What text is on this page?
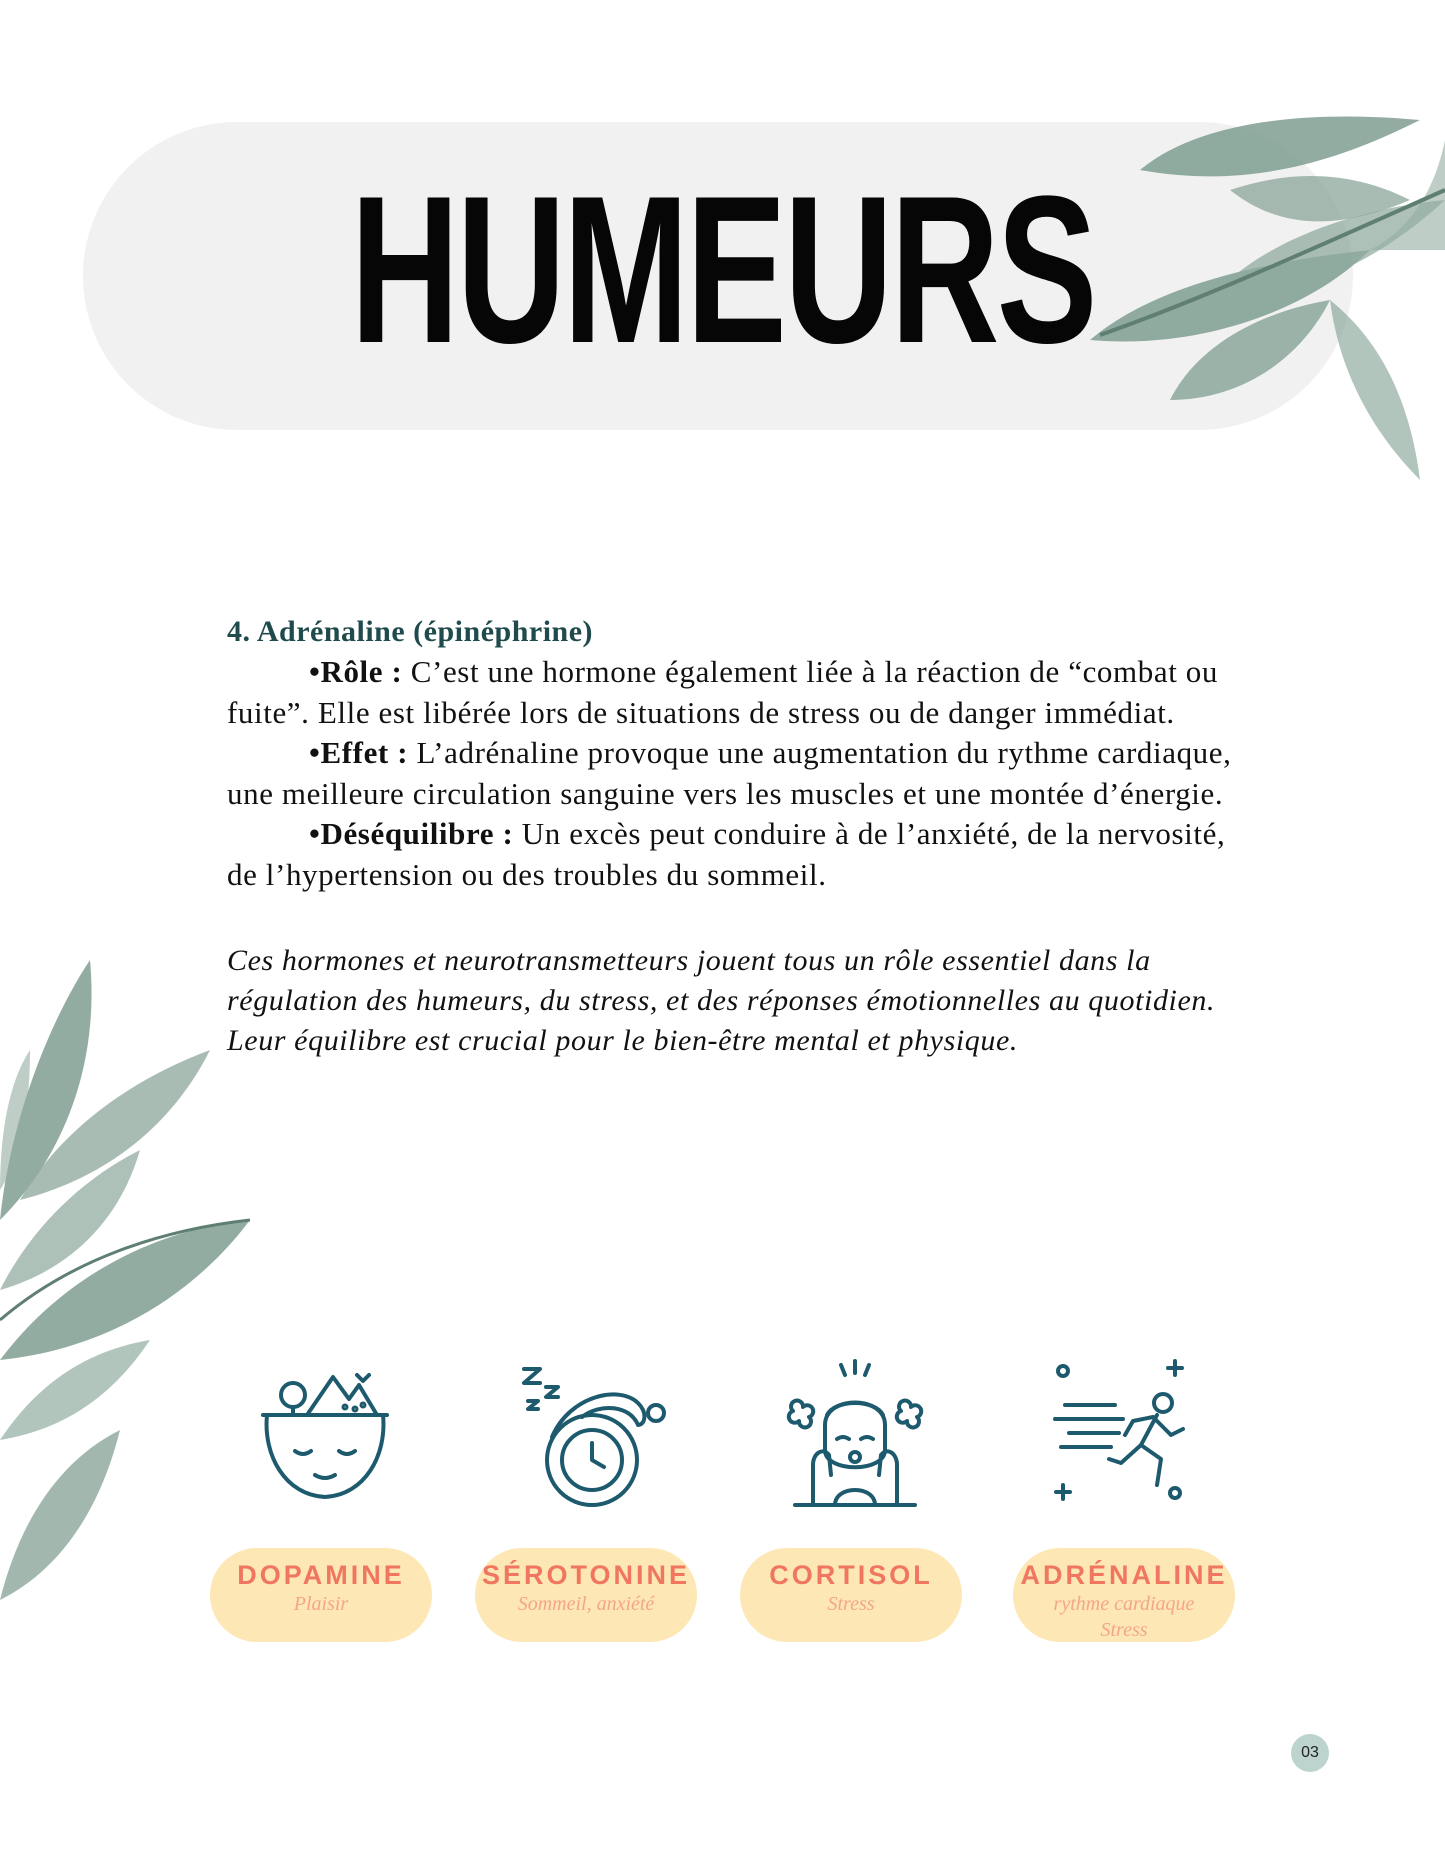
HUMEURS
4. Adrénaline (épinéphrine)

•Rôle : C’est une hormone également liée à la réaction de “combat ou fuite”. Elle est libérée lors de situations de stress ou de danger immédiat.

•Effet : L’adrénaline provoque une augmentation du rythme cardiaque, une meilleure circulation sanguine vers les muscles et une montée d’énergie.

•Déséquilibre : Un excès peut conduire à de l’anxiété, de la nervosité, de l’hypertension ou des troubles du sommeil.

Ces hormones et neurotransmetteurs jouent tous un rôle essentiel dans la régulation des humeurs, du stress, et des réponses émotionnelles au quotidien. Leur équilibre est crucial pour le bien-être mental et physique.
DOPAMINE
Plaisir
SÉROTONINE
Sommeil, anxiété
CORTISOL
Stress
ADRÉNALINE
rythme cardiaque
Stress
03
